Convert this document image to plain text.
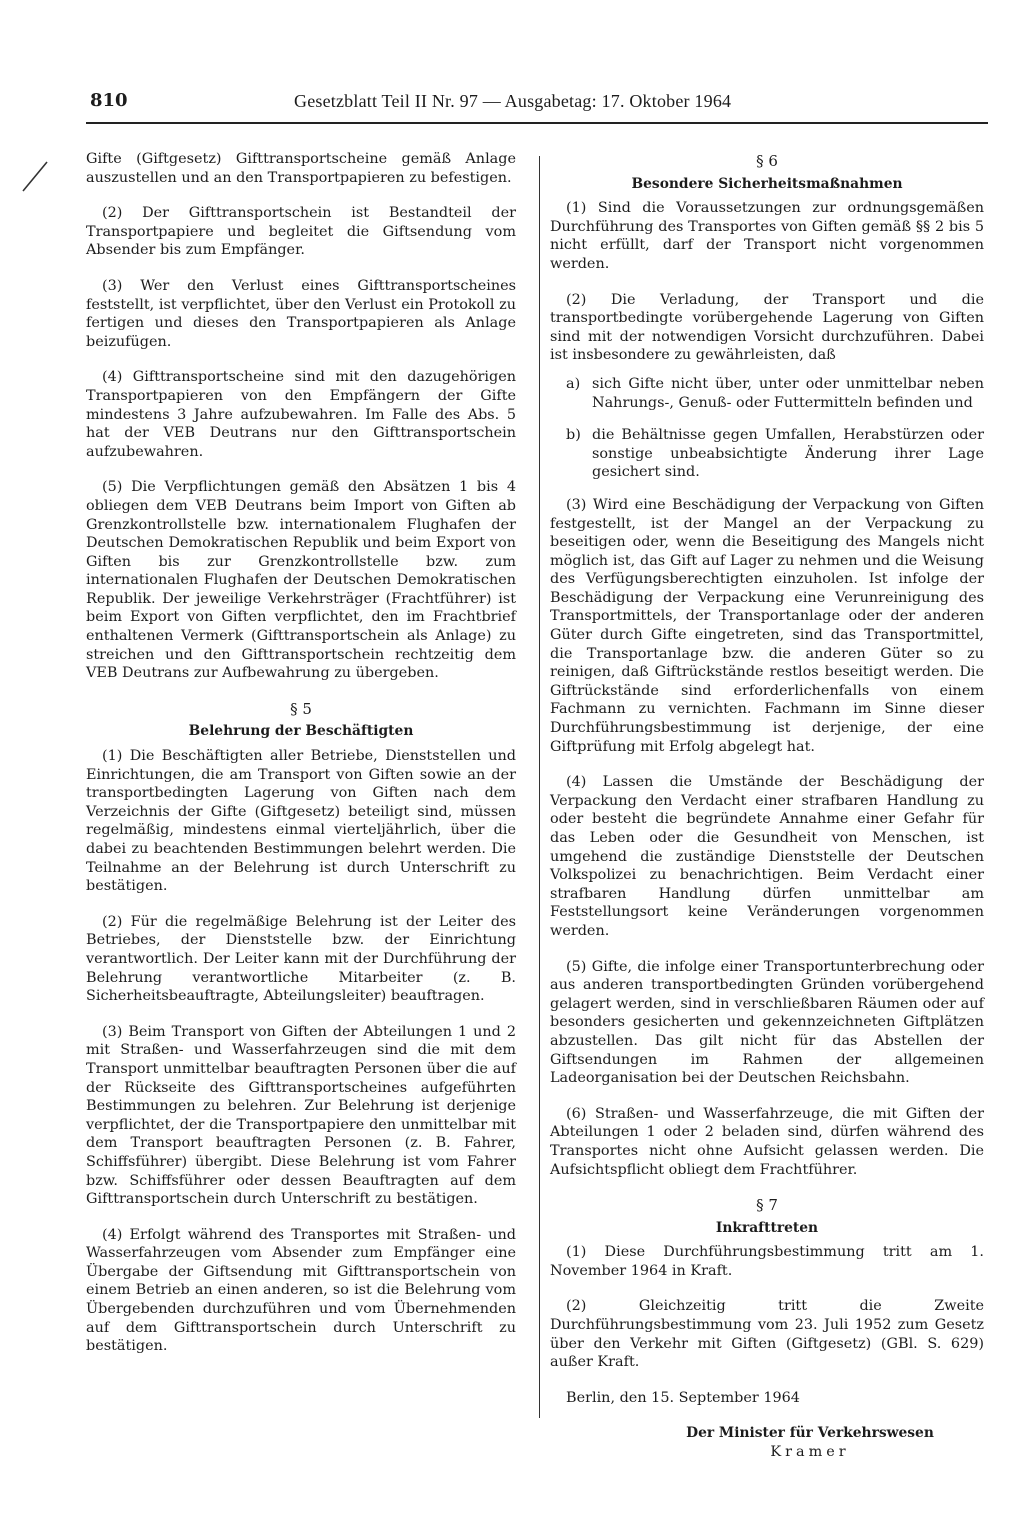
810	Gesetzblatt Teil II Nr. 97 — Ausgabetag: 17. Oktober 1964

Gifte (Giftgesetz) Gifttransportscheine gemäß Anlage auszustellen und an den Transportpapieren zu befestigen.

(2) Der Gifttransportschein ist Bestandteil der Transportpapiere und begleitet die Giftsendung vom Absender bis zum Empfänger.

(3) Wer den Verlust eines Gifttransportscheines feststellt, ist verpflichtet, über den Verlust ein Protokoll zu fertigen und dieses den Transportpapieren als Anlage beizufügen.

(4) Gifttransportscheine sind mit den dazugehörigen Transportpapieren von den Empfängern der Gifte mindestens 3 Jahre aufzubewahren. Im Falle des Abs. 5 hat der VEB Deutrans nur den Gifttransportschein aufzubewahren.

(5) Die Verpflichtungen gemäß den Absätzen 1 bis 4 obliegen dem VEB Deutrans beim Import von Giften ab Grenzkontrollstelle bzw. internationalem Flughafen der Deutschen Demokratischen Republik und beim Export von Giften bis zur Grenzkontrollstelle bzw. zum internationalen Flughafen der Deutschen Demokratischen Republik. Der jeweilige Verkehrsträger (Frachtführer) ist beim Export von Giften verpflichtet, den im Frachtbrief enthaltenen Vermerk (Gifttransportschein als Anlage) zu streichen und den Gifttransportschein rechtzeitig dem VEB Deutrans zur Aufbewahrung zu übergeben.

§ 5
Belehrung der Beschäftigten

(1) Die Beschäftigten aller Betriebe, Dienststellen und Einrichtungen, die am Transport von Giften sowie an der transportbedingten Lagerung von Giften nach dem Verzeichnis der Gifte (Giftgesetz) beteiligt sind, müssen regelmäßig, mindestens einmal vierteljährlich, über die dabei zu beachtenden Bestimmungen belehrt werden. Die Teilnahme an der Belehrung ist durch Unterschrift zu bestätigen.

(2) Für die regelmäßige Belehrung ist der Leiter des Betriebes, der Dienststelle bzw. der Einrichtung verantwortlich. Der Leiter kann mit der Durchführung der Belehrung verantwortliche Mitarbeiter (z. B. Sicherheitsbeauftragte, Abteilungsleiter) beauftragen.

(3) Beim Transport von Giften der Abteilungen 1 und 2 mit Straßen- und Wasserfahrzeugen sind die mit dem Transport unmittelbar beauftragten Personen über die auf der Rückseite des Gifttransportscheines aufgeführten Bestimmungen zu belehren. Zur Belehrung ist derjenige verpflichtet, der die Transportpapiere den unmittelbar mit dem Transport beauftragten Personen (z. B. Fahrer, Schiffsführer) übergibt. Diese Belehrung ist vom Fahrer bzw. Schiffsführer oder dessen Beauftragten auf dem Gifttransportschein durch Unterschrift zu bestätigen.

(4) Erfolgt während des Transportes mit Straßen- und Wasserfahrzeugen vom Absender zum Empfänger eine Übergabe der Giftsendung mit Gifttransportschein von einem Betrieb an einen anderen, so ist die Belehrung vom Übergebenden durchzuführen und vom Übernehmenden auf dem Gifttransportschein durch Unterschrift zu bestätigen.

§ 6
Besondere Sicherheitsmaßnahmen

(1) Sind die Voraussetzungen zur ordnungsgemäßen Durchführung des Transportes von Giften gemäß §§ 2 bis 5 nicht erfüllt, darf der Transport nicht vorgenommen werden.

(2) Die Verladung, der Transport und die transportbedingte vorübergehende Lagerung von Giften sind mit der notwendigen Vorsicht durchzuführen. Dabei ist insbesondere zu gewährleisten, daß

a) sich Gifte nicht über, unter oder unmittelbar neben Nahrungs-, Genuß- oder Futtermitteln befinden und
b) die Behältnisse gegen Umfallen, Herabstürzen oder sonstige unbeabsichtigte Änderung ihrer Lage gesichert sind.

(3) Wird eine Beschädigung der Verpackung von Giften festgestellt, ist der Mangel an der Verpackung zu beseitigen oder, wenn die Beseitigung des Mangels nicht möglich ist, das Gift auf Lager zu nehmen und die Weisung des Verfügungsberechtigten einzuholen. Ist infolge der Beschädigung der Verpackung eine Verunreinigung des Transportmittels, der Transportanlage oder der anderen Güter durch Gifte eingetreten, sind das Transportmittel, die Transportanlage bzw. die anderen Güter so zu reinigen, daß Giftrückstände restlos beseitigt werden. Die Giftrückstände sind erforderlichenfalls von einem Fachmann zu vernichten. Fachmann im Sinne dieser Durchführungsbestimmung ist derjenige, der eine Giftprüfung mit Erfolg abgelegt hat.

(4) Lassen die Umstände der Beschädigung der Verpackung den Verdacht einer strafbaren Handlung zu oder besteht die begründete Annahme einer Gefahr für das Leben oder die Gesundheit von Menschen, ist umgehend die zuständige Dienststelle der Deutschen Volkspolizei zu benachrichtigen. Beim Verdacht einer strafbaren Handlung dürfen unmittelbar am Feststellungsort keine Veränderungen vorgenommen werden.

(5) Gifte, die infolge einer Transportunterbrechung oder aus anderen transportbedingten Gründen vorübergehend gelagert werden, sind in verschließbaren Räumen oder auf besonders gesicherten und gekennzeichneten Giftplätzen abzustellen. Das gilt nicht für das Abstellen der Giftsendungen im Rahmen der allgemeinen Ladeorganisation bei der Deutschen Reichsbahn.

(6) Straßen- und Wasserfahrzeuge, die mit Giften der Abteilungen 1 oder 2 beladen sind, dürfen während des Transportes nicht ohne Aufsicht gelassen werden. Die Aufsichtspflicht obliegt dem Frachtführer.

§ 7
Inkrafttreten

(1) Diese Durchführungsbestimmung tritt am 1. November 1964 in Kraft.

(2) Gleichzeitig tritt die Zweite Durchführungsbestimmung vom 23. Juli 1952 zum Gesetz über den Verkehr mit Giften (Giftgesetz) (GBl. S. 629) außer Kraft.

Berlin, den 15. September 1964

Der Minister für Verkehrswesen
Kramer
